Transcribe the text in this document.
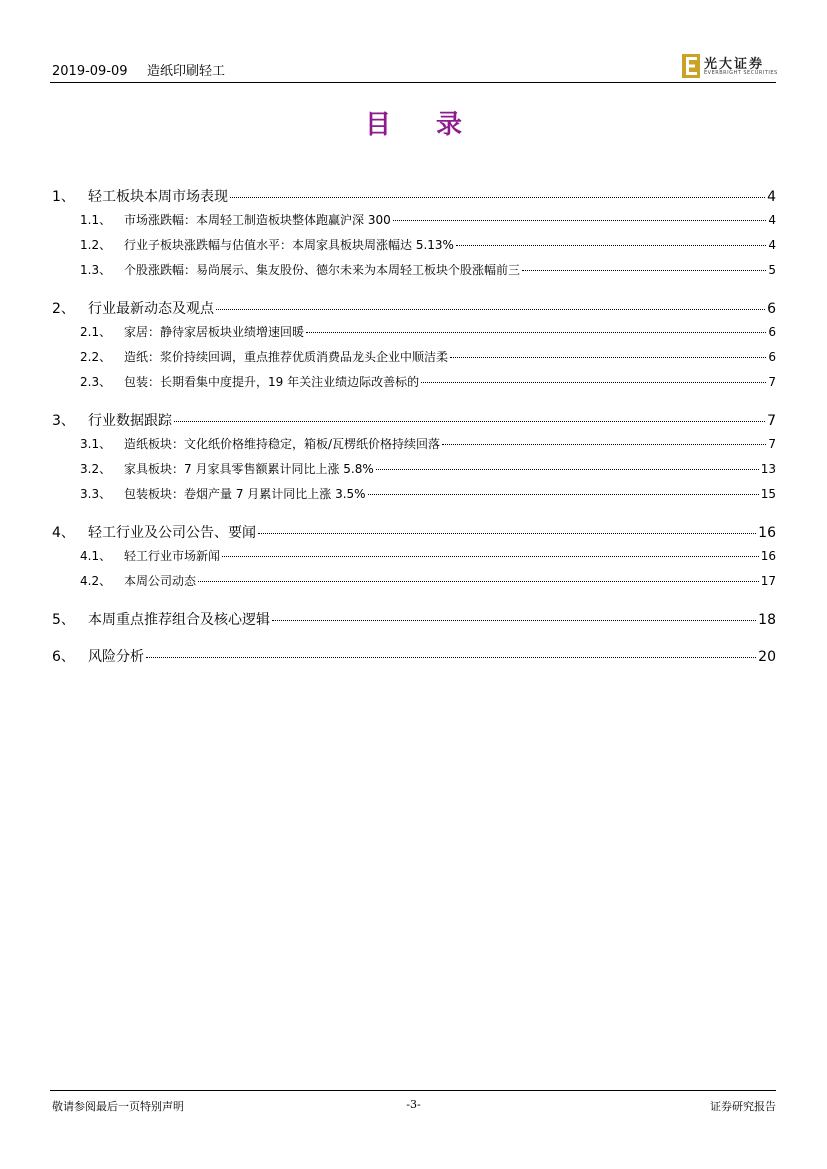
2019-09-09 造纸印刷轻工	光大证券
EVERBRIGHT SECURITIES
目 录
1、 轻工板块本周市场表现	4
1.1、	市场涨跌幅：本周轻工制造板块整体跑赢沪深 300	4
1.2、	行业子板块涨跌幅与估值水平：本周家具板块周涨幅达 5.13%	4
1.3、	个股涨跌幅：易尚展示、集友股份、德尔未来为本周轻工板块个股涨幅前三	5
2、 行业最新动态及观点	6
2.1、	家居：静待家居板块业绩增速回暖	6
2.2、	造纸：浆价持续回调，重点推荐优质消费品龙头企业中顺洁柔	6
2.3、	包装：长期看集中度提升，19 年关注业绩边际改善标的	7
3、 行业数据跟踪	7
3.1、	造纸板块：文化纸价格维持稳定，箱板/瓦楞纸价格持续回落	7
3.2、	家具板块：7 月家具零售额累计同比上涨 5.8%	13
3.3、	包装板块：卷烟产量 7 月累计同比上涨 3.5%	15
4、 轻工行业及公司公告、要闻	16
4.1、	轻工行业市场新闻	16
4.2、	本周公司动态	17
5、 本周重点推荐组合及核心逻辑	18
6、 风险分析	20
敬请参阅最后一页特别声明	-3-	证券研究报告
